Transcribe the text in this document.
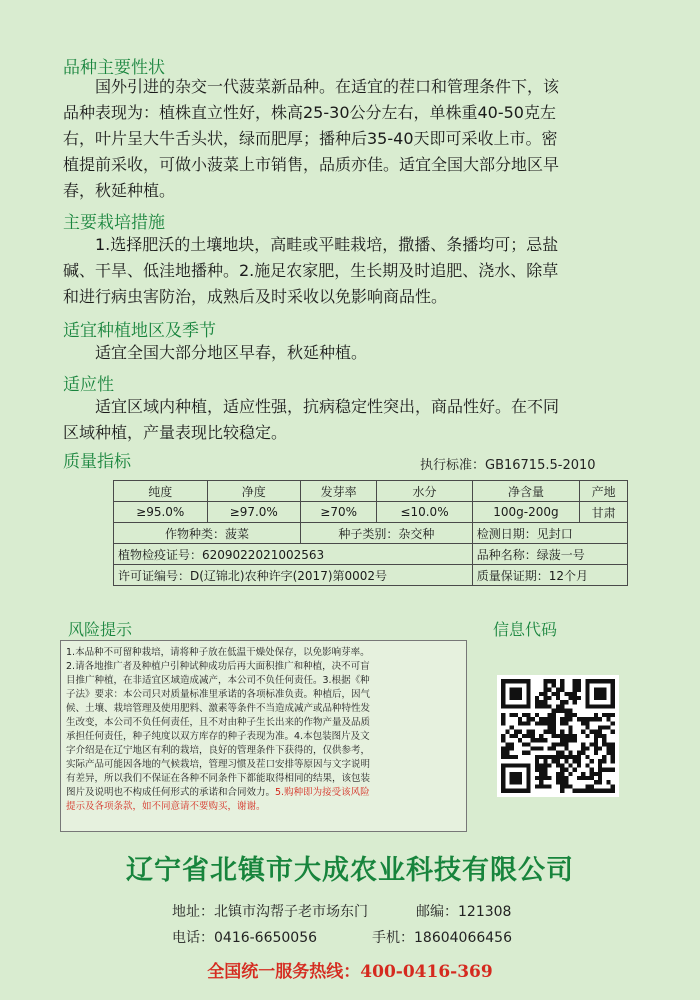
品种主要性状
国外引进的杂交一代菠菜新品种。在适宜的茬口和管理条件下，该
品种表现为：植株直立性好，株高25-30公分左右，单株重40-50克左
右，叶片呈大牛舌头状，绿而肥厚；播种后35-40天即可采收上市。密
植提前采收，可做小菠菜上市销售，品质亦佳。适宜全国大部分地区早
春，秋延种植。
主要栽培措施
1.选择肥沃的土壤地块，高畦或平畦栽培，撒播、条播均可；忌盐
碱、干旱、低洼地播种。2.施足农家肥，生长期及时追肥、浇水、除草
和进行病虫害防治，成熟后及时采收以免影响商品性。
适宜种植地区及季节
适宜全国大部分地区早春，秋延种植。
适应性
适宜区域内种植，适应性强，抗病稳定性突出，商品性好。在不同
区域种植，产量表现比较稳定。
质量指标	执行标准：GB16715.5-2010
纯度	净度	发芽率	水分	净含量	产地
≥95.0%	≥97.0%	≥70%	≤10.0%	100g-200g	甘肃
作物种类：菠菜		种子类别：杂交种		检测日期：见封口	
植物检疫证号：6209022021002563				品种名称：绿菠一号	
许可证编号：D(辽锦北)农种许字(2017)第0002号				质量保证期：12个月	
风险提示	信息代码
1.本品种不可留种栽培，请将种子放在低温干燥处保存，以免影响芽率。
2.请各地推广者及种植户引种试种成功后再大面积推广和种植，决不可盲
目推广种植，在非适宜区域造成减产，本公司不负任何责任。3.根据《种
子法》要求：本公司只对质量标准里承诺的各项标准负责。种植后，因气
候、土壤、栽培管理及使用肥料、激素等条件不当造成减产或品种特性发
生改变，本公司不负任何责任，且不对由种子生长出来的作物产量及品质
承担任何责任，种子纯度以双方库存的种子表现为准。4.本包装图片及文
字介绍是在辽宁地区有利的栽培，良好的管理条件下获得的，仅供参考，
实际产品可能因各地的气候栽培，管理习惯及茬口安排等原因与文字说明
有差异，所以我们不保证在各种不同条件下都能取得相同的结果，该包装
图片及说明也不构成任何形式的承诺和合同效力。5.购种即为接受该风险
提示及各项条款，如不同意请不要购买，谢谢。
辽宁省北镇市大成农业科技有限公司
地址：北镇市沟帮子老市场东门	邮编：121308
电话：0416-6650056	手机：18604066456
全国统一服务热线：400-0416-369
